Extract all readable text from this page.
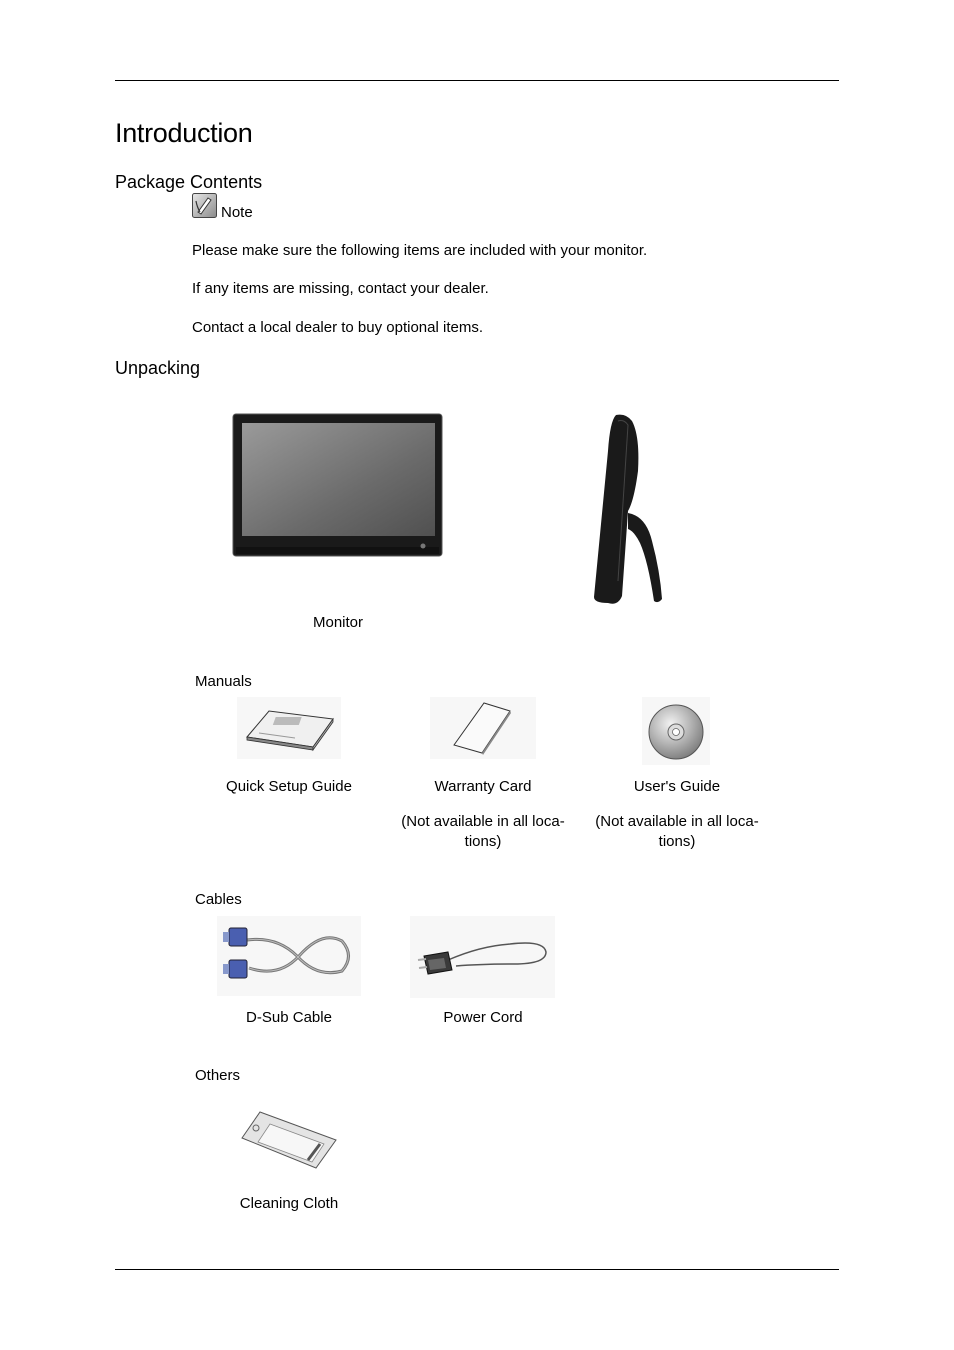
Introduction
Package Contents
Note
Please make sure the following items are included with your monitor.
If any items are missing, contact your dealer.
Contact a local dealer to buy optional items.
Unpacking
Monitor
Manuals
Quick Setup Guide	Warranty Card	User's Guide
(Not available in all loca-
tions)
(Not available in all loca-
tions)
Cables
D-Sub Cable	Power Cord
Others
Cleaning Cloth
